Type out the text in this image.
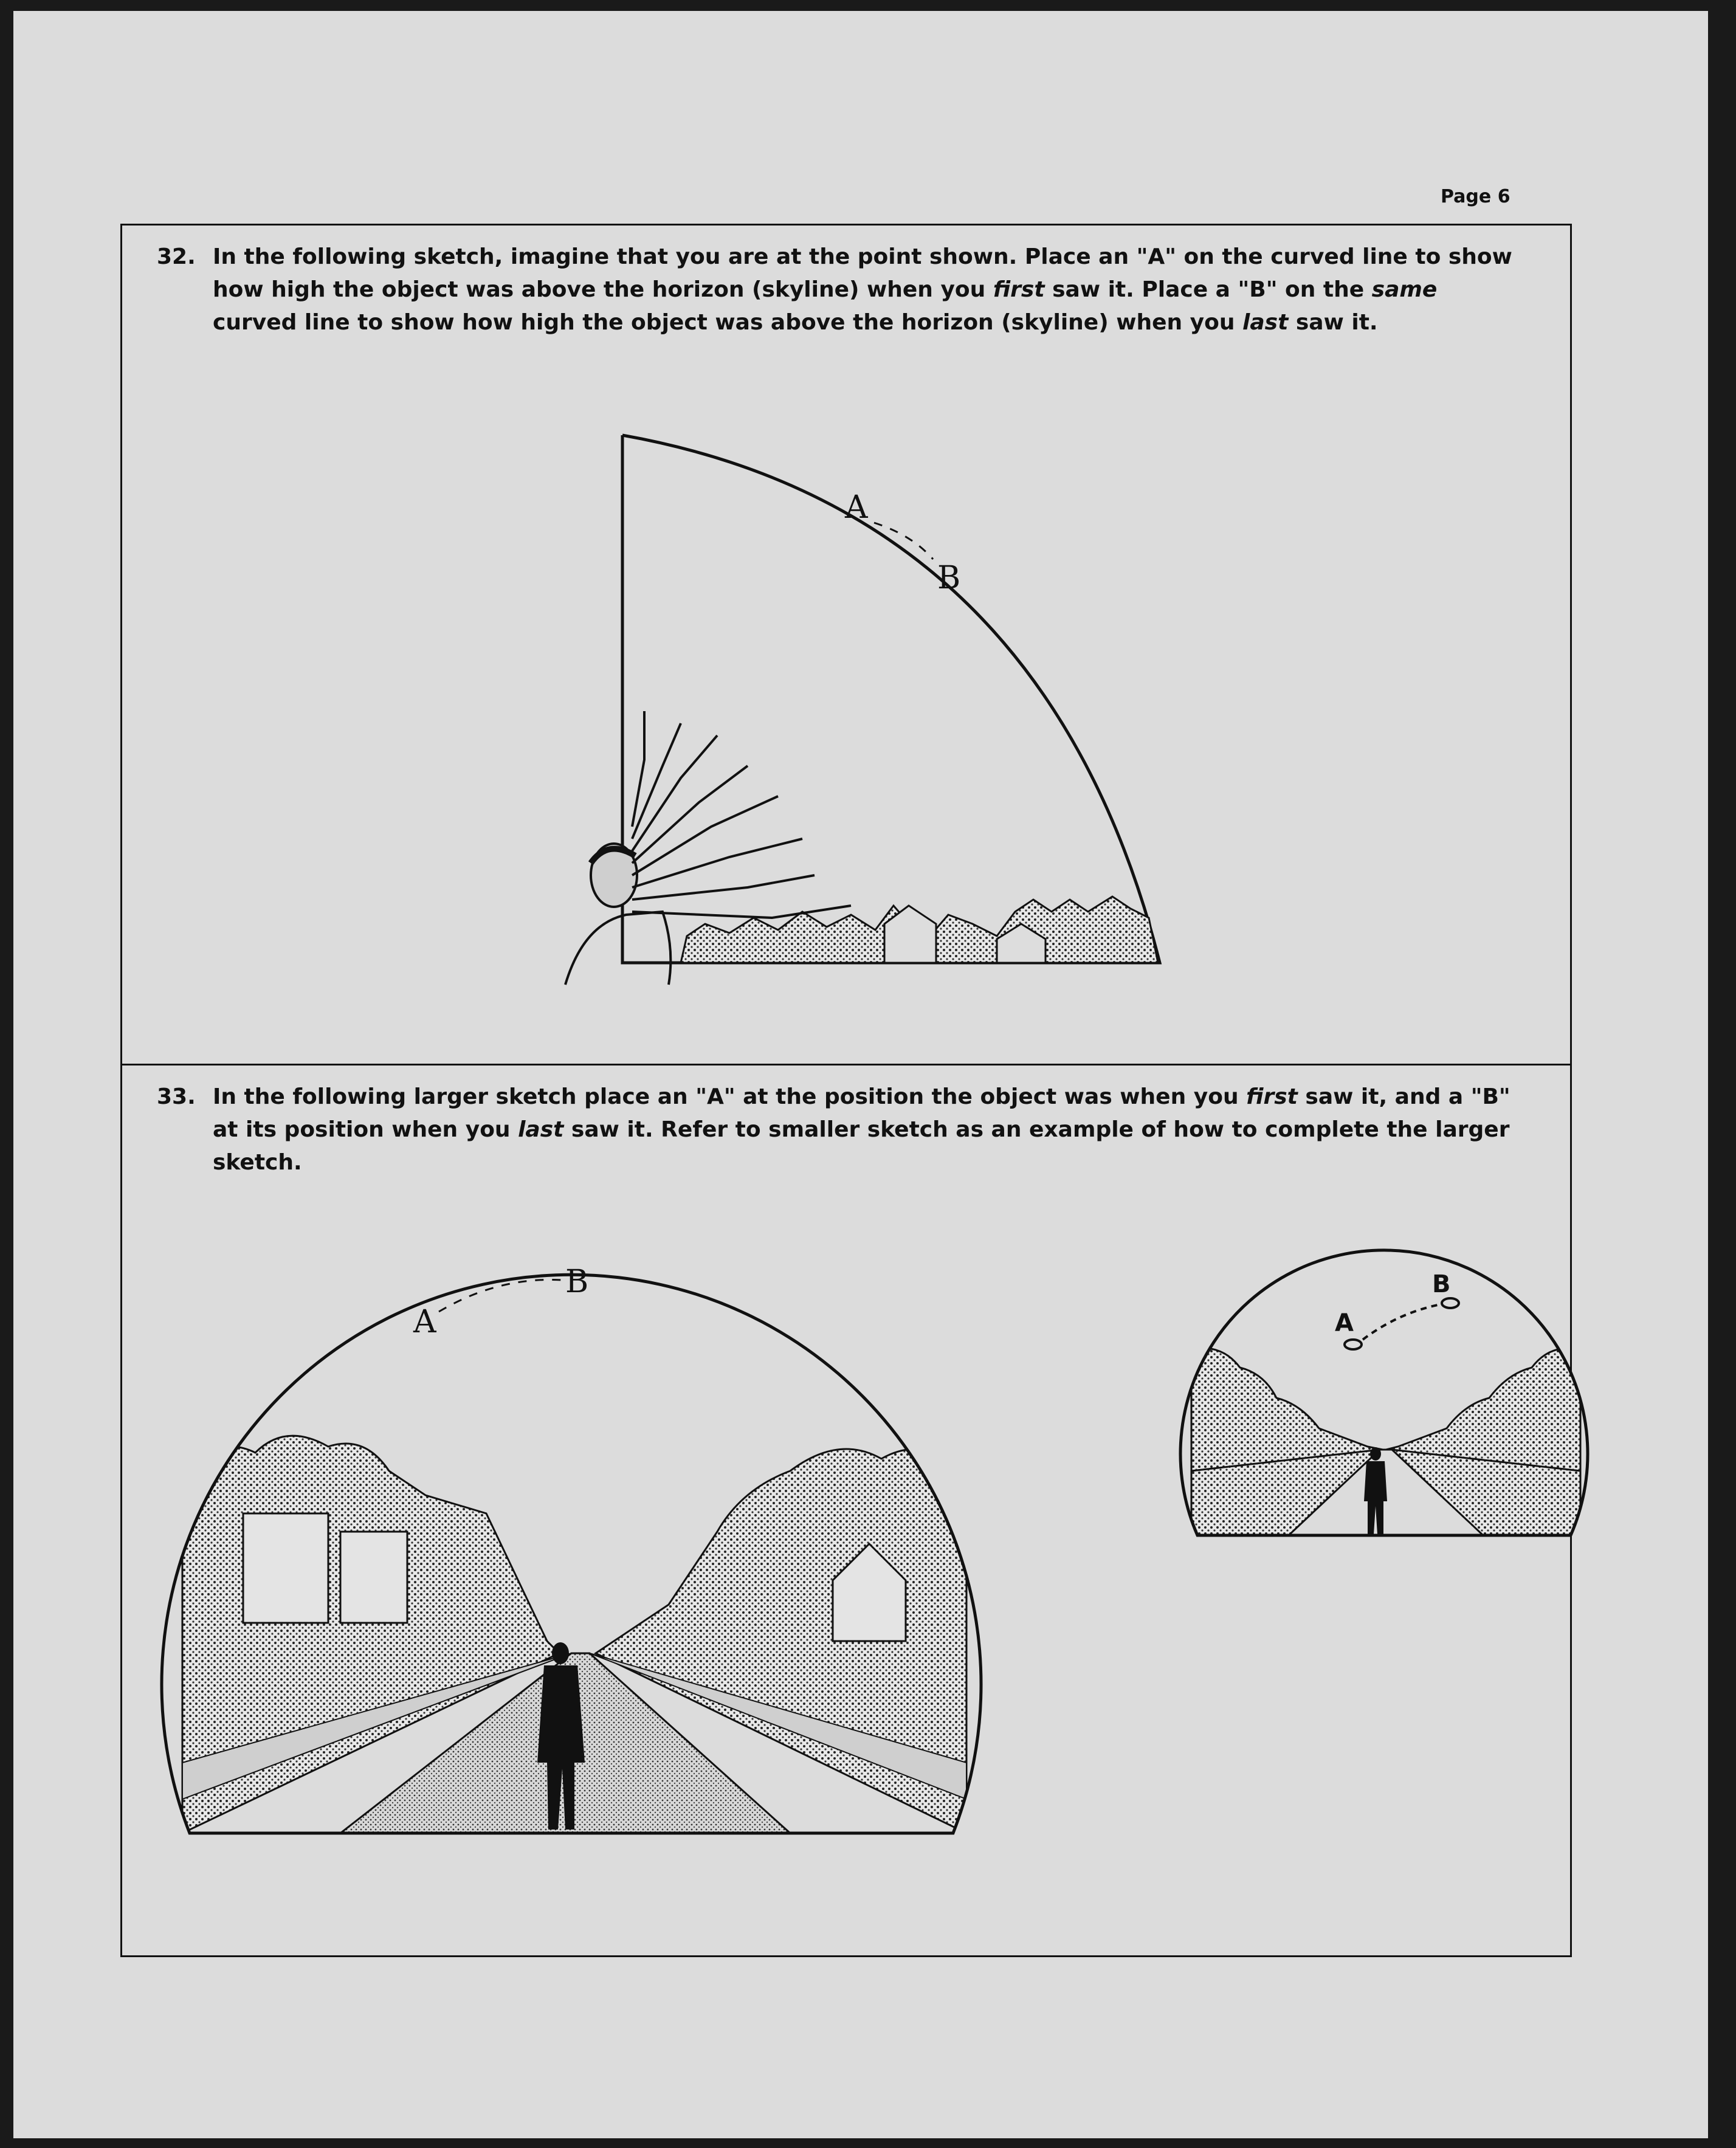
Page 6
32. In the following sketch, imagine that you are at the point shown. Place an "A" on the curved line to show how high the object was above the horizon (skyline) when you first saw it. Place a "B" on the same curved line to show how high the object was above the horizon (skyline) when you last saw it.
33. In the following larger sketch place an "A" at the position the object was when you first saw it, and a "B" at its position when you last saw it. Refer to smaller sketch as an example of how to complete the larger sketch.
A
B
A
B
A
B
